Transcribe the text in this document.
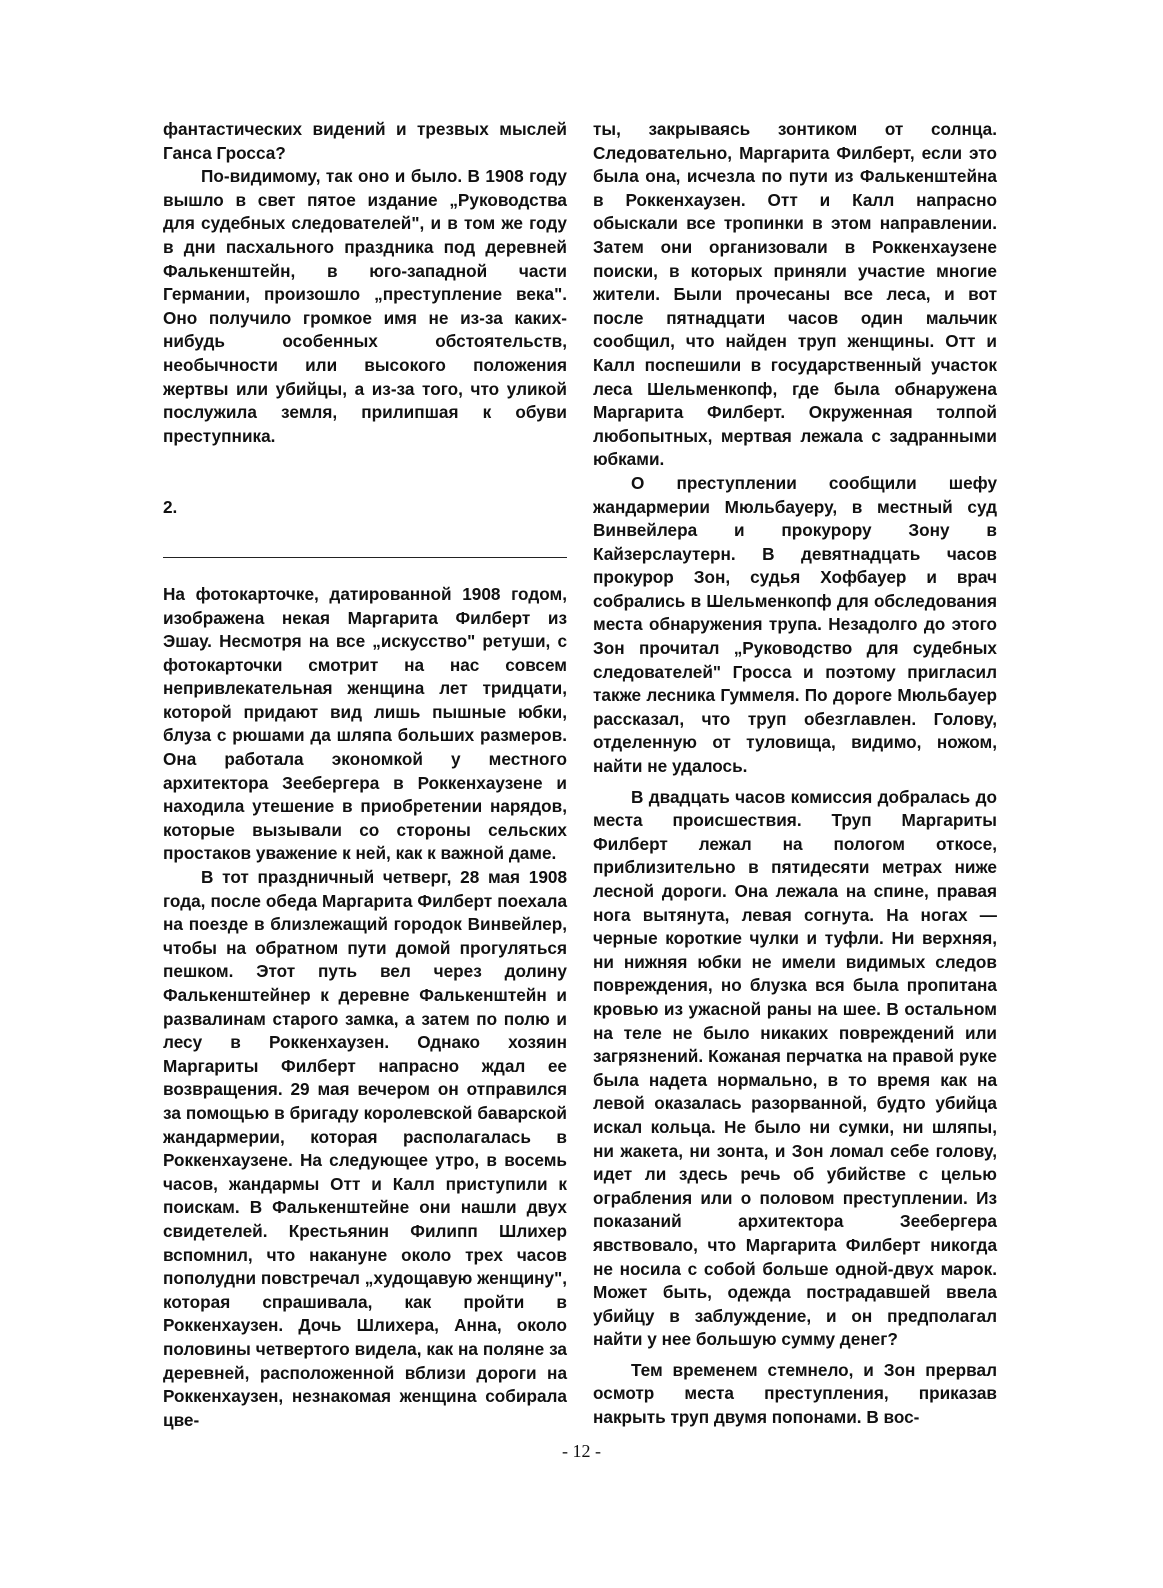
фантастических видений и трезвых мыслей Ганса Гросса?

По-видимому, так оно и было. В 1908 году вышло в свет пятое издание „Руководства для судебных следователей", и в том же году в дни пасхального праздника под деревней Фалькенштейн, в юго-западной части Германии, произошло „преступление века". Оно получило громкое имя не из-за каких-нибудь особенных обстоятельств, необычности или высокого положения жертвы или убийцы, а из-за того, что уликой послужила земля, прилипшая к обуви преступника.

2.

На фотокарточке, датированной 1908 годом, изображена некая Маргарита Филберт из Эшау. Несмотря на все „искусство" ретуши, с фотокарточки смотрит на нас совсем непривлекательная женщина лет тридцати, которой придают вид лишь пышные юбки, блуза с рюшами да шляпа больших размеров. Она работала экономкой у местного архитектора Зеебергера в Роккенхаузене и находила утешение в приобретении нарядов, которые вызывали со стороны сельских простаков уважение к ней, как к важной даме.

В тот праздничный четверг, 28 мая 1908 года, после обеда Маргарита Филберт поехала на поезде в близлежащий городок Винвейлер, чтобы на обратном пути домой прогуляться пешком. Этот путь вел через долину Фалькенштейнер к деревне Фалькенштейн и развалинам старого замка, а затем по полю и лесу в Роккенхаузен. Однако хозяин Маргариты Филберт напрасно ждал ее возвращения. 29 мая вечером он отправился за помощью в бригаду королевской баварской жандармерии, которая располагалась в Роккенхаузене. На следующее утро, в восемь часов, жандармы Отт и Калл приступили к поискам. В Фалькенштейне они нашли двух свидетелей. Крестьянин Филипп Шлихер вспомнил, что накануне около трех часов пополудни повстречал „худощавую женщину", которая спрашивала, как пройти в Роккенхаузен. Дочь Шлихера, Анна, около половины четвертого видела, как на поляне за деревней, расположенной вблизи дороги на Роккенхаузен, незнакомая женщина собирала цве-

ты, закрываясь зонтиком от солнца. Следовательно, Маргарита Филберт, если это была она, исчезла по пути из Фалькенштейна в Роккенхаузен. Отт и Калл напрасно обыскали все тропинки в этом направлении. Затем они организовали в Роккенхаузене поиски, в которых приняли участие многие жители. Были прочесаны все леса, и вот после пятнадцати часов один мальчик сообщил, что найден труп женщины. Отт и Калл поспешили в государственный участок леса Шельменкопф, где была обнаружена Маргарита Филберт. Окруженная толпой любопытных, мертвая лежала с задранными юбками.

О преступлении сообщили шефу жандармерии Мюльбауеру, в местный суд Винвейлера и прокурору Зону в Кайзерслаутерн. В девятнадцать часов прокурор Зон, судья Хофбауер и врач собрались в Шельменкопф для обследования места обнаружения трупа. Незадолго до этого Зон прочитал „Руководство для судебных следователей" Гросса и поэтому пригласил также лесника Гуммеля. По дороге Мюльбауер рассказал, что труп обезглавлен. Голову, отделенную от туловища, видимо, ножом, найти не удалось.

В двадцать часов комиссия добралась до места происшествия. Труп Маргариты Филберт лежал на пологом откосе, приблизительно в пятидесяти метрах ниже лесной дороги. Она лежала на спине, правая нога вытянута, левая согнута. На ногах — черные короткие чулки и туфли. Ни верхняя, ни нижняя юбки не имели видимых следов повреждения, но блузка вся была пропитана кровью из ужасной раны на шее. В остальном на теле не было никаких повреждений или загрязнений. Кожаная перчатка на правой руке была надета нормально, в то время как на левой оказалась разорванной, будто убийца искал кольца. Не было ни сумки, ни шляпы, ни жакета, ни зонта, и Зон ломал себе голову, идет ли здесь речь об убийстве с целью ограбления или о половом преступлении. Из показаний архитектора Зеебергера явствовало, что Маргарита Филберт никогда не носила с собой больше одной-двух марок. Может быть, одежда пострадавшей ввела убийцу в заблуждение, и он предполагал найти у нее большую сумму денег?

Тем временем стемнело, и Зон прервал осмотр места преступления, приказав накрыть труп двумя попонами. В вос-

- 12 -
